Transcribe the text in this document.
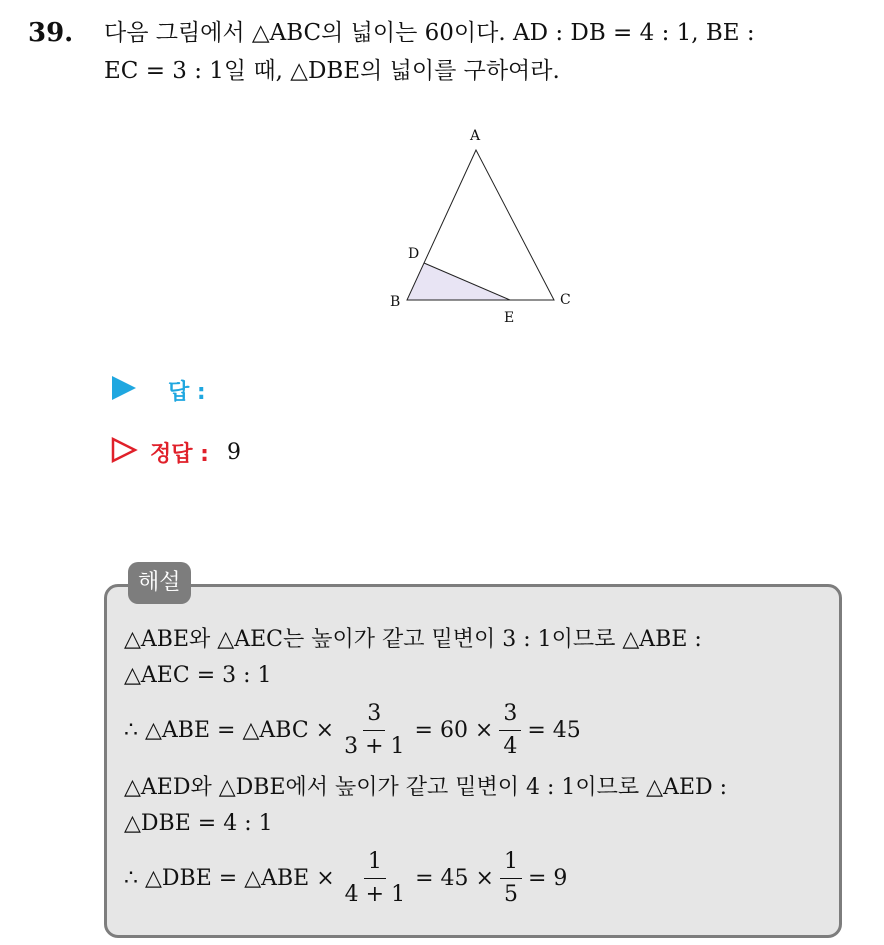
39. 다음 그림에서 △ABC의 넓이는 60이다. AD : DB = 4 : 1, BE :
EC = 3 : 1일 때, △DBE의 넓이를 구하여라.
A
B	C
D
E
답 :
정답 : 9
해설
△ABE와 △AEC는 높이가 같고 밑변이 3 : 1이므로 △ABE :
△AEC = 3 : 1
∴ △ABE = △ABC × $\frac{3}{3 + 1} = 60 \times \frac{3}{4} = 45$
△AED와 △DBE에서 높이가 같고 밑변이 4 : 1이므로 △AED :
△DBE = 4 : 1
∴ △DBE = △ABE × $\frac{1}{4 + 1} = 45 \times \frac{1}{5} = 9$
